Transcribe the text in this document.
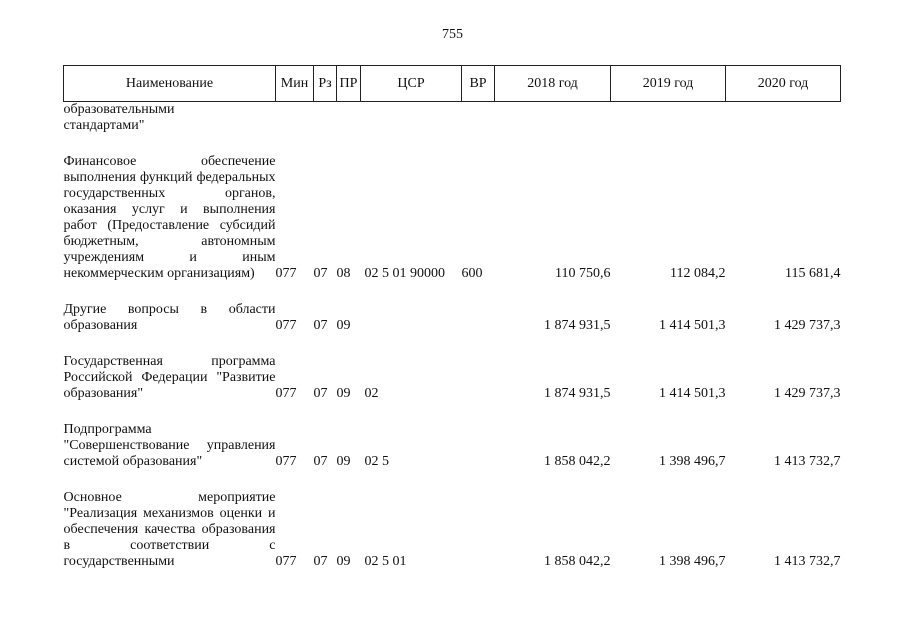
755
Наименование	Мин	Рз	ПР	ЦСР	ВР	2018 год	2019 год	2020 год
образовательными стандартами"								

Финансовое обеспечение выполнения функций федеральных государственных органов, оказания услуг и выполнения работ (Предоставление субсидий бюджетным, автономным учреждениям и иным некоммерческим организациям)	077	07	08	02 5 01 90000	600	110 750,6	112 084,2	115 681,4

Другие вопросы в области образования	077	07	09			1 874 931,5	1 414 501,3	1 429 737,3

Государственная программа Российской Федерации "Развитие образования"	077	07	09	02		1 874 931,5	1 414 501,3	1 429 737,3

Подпрограмма "Совершенствование управления системой образования"	077	07	09	02 5		1 858 042,2	1 398 496,7	1 413 732,7

Основное мероприятие "Реализация механизмов оценки и обеспечения качества образования в соответствии с государственными	077	07	09	02 5 01		1 858 042,2	1 398 496,7	1 413 732,7
